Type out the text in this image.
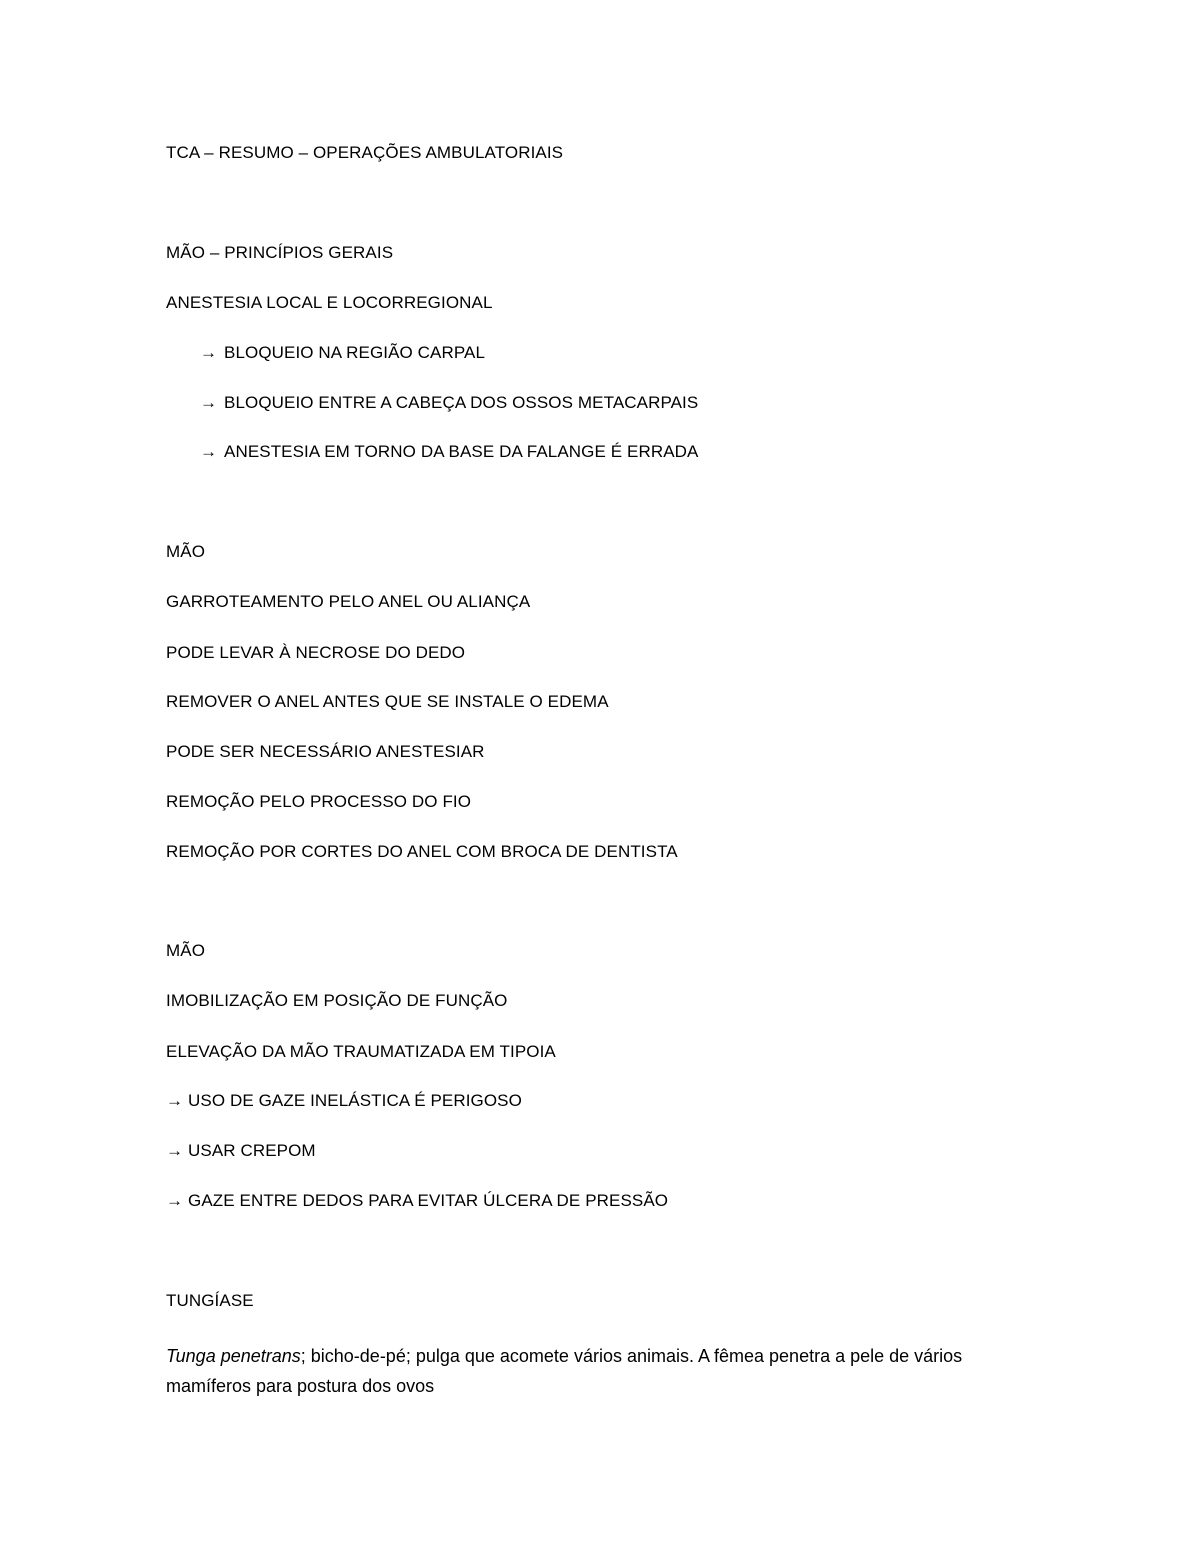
TCA – RESUMO – OPERAÇÕES AMBULATORIAIS
MÃO – PRINCÍPIOS GERAIS
ANESTESIA LOCAL E LOCORREGIONAL
→ BLOQUEIO NA REGIÃO CARPAL
→ BLOQUEIO ENTRE A CABEÇA DOS OSSOS METACARPAIS
→ ANESTESIA EM TORNO DA BASE DA FALANGE É ERRADA
MÃO
GARROTEAMENTO PELO ANEL OU ALIANÇA
PODE LEVAR À NECROSE DO DEDO
REMOVER O ANEL ANTES QUE SE INSTALE O EDEMA
PODE SER NECESSÁRIO ANESTESIAR
REMOÇÃO PELO PROCESSO DO FIO
REMOÇÃO POR CORTES DO ANEL COM BROCA DE DENTISTA
MÃO
IMOBILIZAÇÃO EM POSIÇÃO DE FUNÇÃO
ELEVAÇÃO DA MÃO TRAUMATIZADA EM TIPOIA
→ USO DE GAZE INELÁSTICA É PERIGOSO
→ USAR CREPOM
→ GAZE ENTRE DEDOS PARA EVITAR ÚLCERA DE PRESSÃO
TUNGÍASE
Tunga penetrans; bicho-de-pé; pulga que acomete vários animais. A fêmea penetra a pele de vários mamíferos para postura dos ovos
